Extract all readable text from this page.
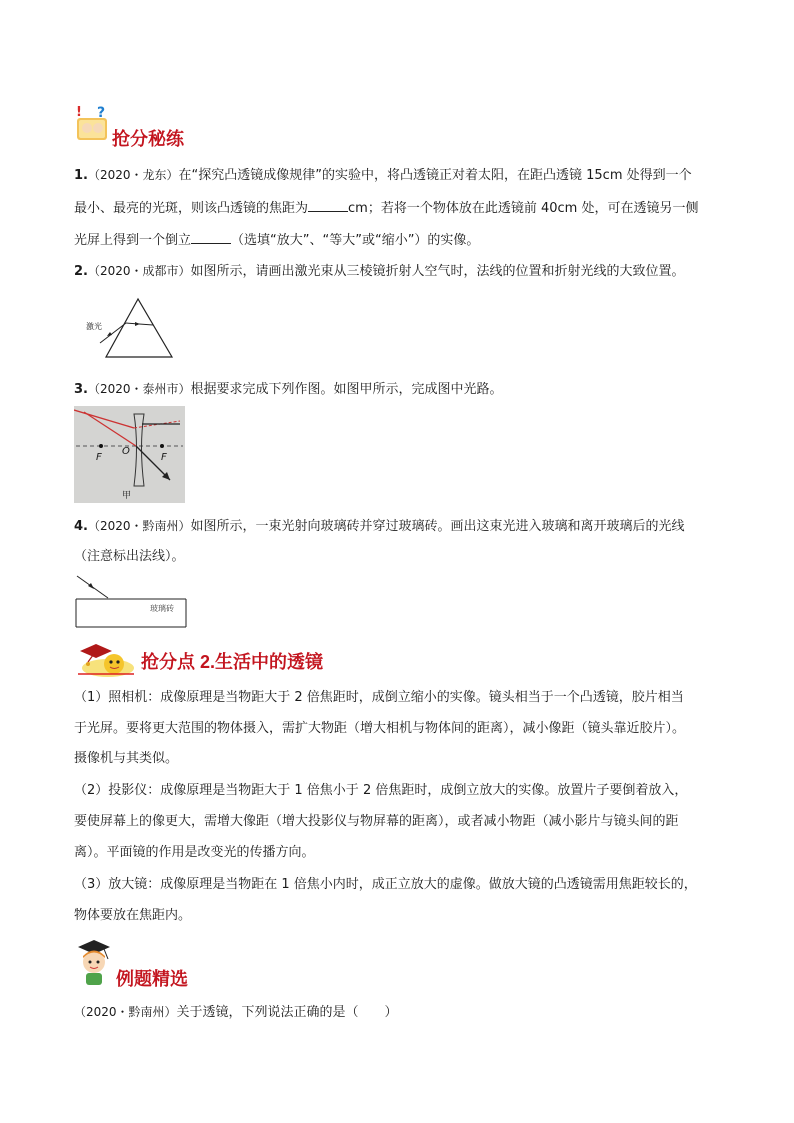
! ?
抢分秘练
1.（2020・龙东）在“探究凸透镜成像规律”的实验中，将凸透镜正对着太阳，在距凸透镜 15cm 处得到一个
最小、最亮的光斑，则该凸透镜的焦距为	cm；若将一个物体放在此透镜前 40cm 处，可在透镜另一侧
光屏上得到一个倒立	（选填“放大”、“等大”或“缩小”）的实像。
2.（2020・成都市）如图所示，请画出激光束从三棱镜折射人空气时，法线的位置和折射光线的大致位置。
激光
3.（2020・泰州市）根据要求完成下列作图。如图甲所示，完成图中光路。
F
O
F
甲
4.（2020・黔南州）如图所示，一束光射向玻璃砖并穿过玻璃砖。画出这束光进入玻璃和离开玻璃后的光线
（注意标出法线）。
玻璃砖
抢分点 2.生活中的透镜
（1）照相机：成像原理是当物距大于 2 倍焦距时，成倒立缩小的实像。镜头相当于一个凸透镜，胶片相当
于光屏。要将更大范围的物体摄入，需扩大物距（增大相机与物体间的距离），减小像距（镜头靠近胶片）。
摄像机与其类似。
（2）投影仪：成像原理是当物距大于 1 倍焦小于 2 倍焦距时，成倒立放大的实像。放置片子要倒着放入，
要使屏幕上的像更大，需增大像距（增大投影仪与物屏幕的距离），或者减小物距（减小影片与镜头间的距
离）。平面镜的作用是改变光的传播方向。
（3）放大镜：成像原理是当物距在 1 倍焦小内时，成正立放大的虚像。做放大镜的凸透镜需用焦距较长的，
物体要放在焦距内。
例题精选
（2020・黔南州）关于透镜，下列说法正确的是（　　）
